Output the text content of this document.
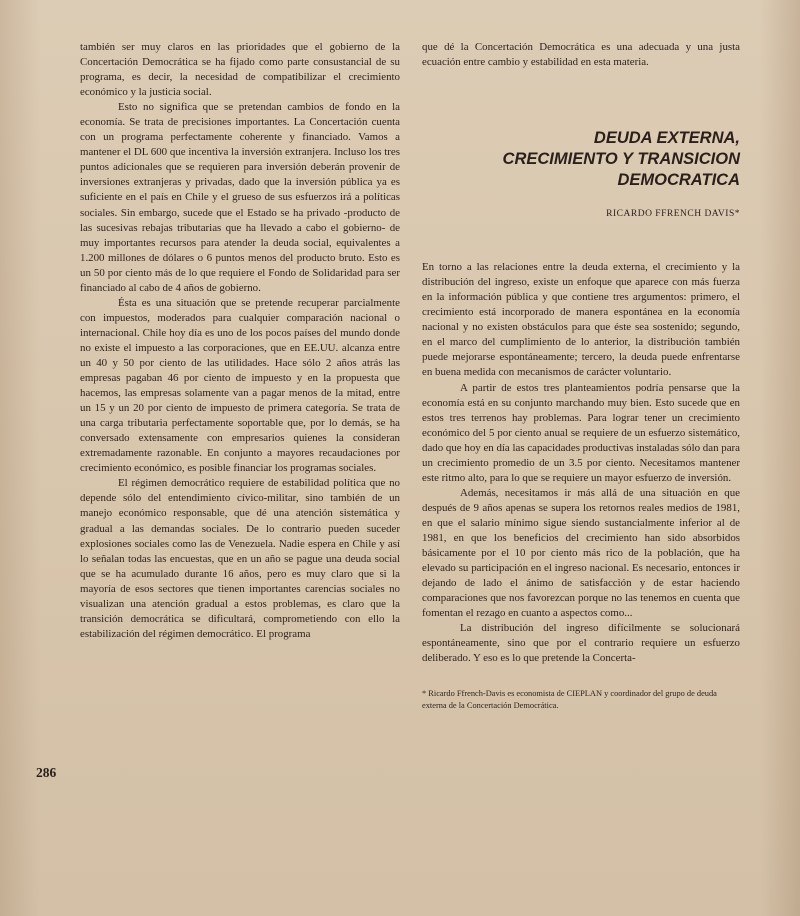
también ser muy claros en las prioridades que el gobierno de la Concertación Democrática se ha fijado como parte consustancial de su programa, es decir, la necesidad de compatibilizar el crecimiento económico y la justicia social.

Esto no significa que se pretendan cambios de fondo en la economía. Se trata de precisiones importantes. La Concertación cuenta con un programa perfectamente coherente y financiado. Vamos a mantener el DL 600 que incentiva la inversión extranjera. Incluso los tres puntos adicionales que se requieren para inversión deberán provenir de inversiones extranjeras y privadas, dado que la inversión pública ya es suficiente en el país en Chile y el grueso de sus esfuerzos irá a políticas sociales. Sin embargo, sucede que el Estado se ha privado -producto de las sucesivas rebajas tributarias que ha llevado a cabo el gobierno- de muy importantes recursos para atender la deuda social, equivalentes a 1.200 millones de dólares o 6 puntos menos del producto bruto. Esto es un 50 por ciento más de lo que requiere el Fondo de Solidaridad para ser financiado al cabo de 4 años de gobierno.

Ésta es una situación que se pretende recuperar parcialmente con impuestos, moderados para cualquier comparación nacional o internacional. Chile hoy día es uno de los pocos países del mundo donde no existe el impuesto a las corporaciones, que en EE.UU. alcanza entre un 40 y 50 por ciento de las utilidades. Hace sólo 2 años atrás las empresas pagaban 46 por ciento de impuesto y en la propuesta que hacemos, las empresas solamente van a pagar menos de la mitad, entre un 15 y un 20 por ciento de impuesto de primera categoría. Se trata de una carga tributaria perfectamente soportable que, por lo demás, se ha conversado extensamente con empresarios quienes la consideran extremadamente razonable. En conjunto a mayores recaudaciones por crecimiento económico, es posible financiar los programas sociales.

El régimen democrático requiere de estabilidad política que no depende sólo del entendimiento cívico-militar, sino también de un manejo económico responsable, que dé una atención sistemática y gradual a las demandas sociales. De lo contrario pueden suceder explosiones sociales como las de Venezuela. Nadie espera en Chile y así lo señalan todas las encuestas, que en un año se pague una deuda social que se ha acumulado durante 16 años, pero es muy claro que si la mayoría de esos sectores que tienen importantes carencias sociales no visualizan una atención gradual a estos problemas, es claro que la transición democrática se dificultará, comprometiendo con ello la estabilización del régimen democrático. El programa

que dé la Concertación Democrática es una adecuada y una justa ecuación entre cambio y estabilidad en esta materia.

DEUDA EXTERNA,
CRECIMIENTO Y TRANSICION
DEMOCRATICA
RICARDO FFRENCH DAVIS*

En torno a las relaciones entre la deuda externa, el crecimiento y la distribución del ingreso, existe un enfoque que aparece con más fuerza en la información pública y que contiene tres argumentos: primero, el crecimiento está incorporado de manera espontánea en la economía nacional y no existen obstáculos para que éste sea sostenido; segundo, en el marco del cumplimiento de lo anterior, la distribución también puede mejorarse espontáneamente; tercero, la deuda puede enfrentarse en buena medida con mecanismos de carácter voluntario.

A partir de estos tres planteamientos podría pensarse que la economía está en su conjunto marchando muy bien. Esto sucede que en estos tres terrenos hay problemas. Para lograr tener un crecimiento económico del 5 por ciento anual se requiere de un esfuerzo sistemático, dado que hoy en día las capacidades productivas instaladas sólo dan para un crecimiento promedio de un 3.5 por ciento. Necesitamos mantener este ritmo alto, para lo que se requiere un mayor esfuerzo de inversión.

Además, necesitamos ir más allá de una situación en que después de 9 años apenas se supera los retornos reales medios de 1981, en que el salario mínimo sigue siendo sustancialmente inferior al de 1981, en que los beneficios del crecimiento han sido absorbidos básicamente por el 10 por ciento más rico de la población, que ha elevado su participación en el ingreso nacional. Es necesario, entonces ir dejando de lado el ánimo de satisfacción y de estar haciendo comparaciones que nos favorezcan porque no las tenemos en cuenta que fomentan el rezago en cuanto a aspectos como...

La distribución del ingreso difícilmente se solucionará espontáneamente, sino que por el contrario requiere un esfuerzo deliberado. Y eso es lo que pretende la Concerta-

* Ricardo Ffrench-Davis es economista de CIEPLAN y coordinador del grupo de deuda externa de la Concertación Democrática.
286
